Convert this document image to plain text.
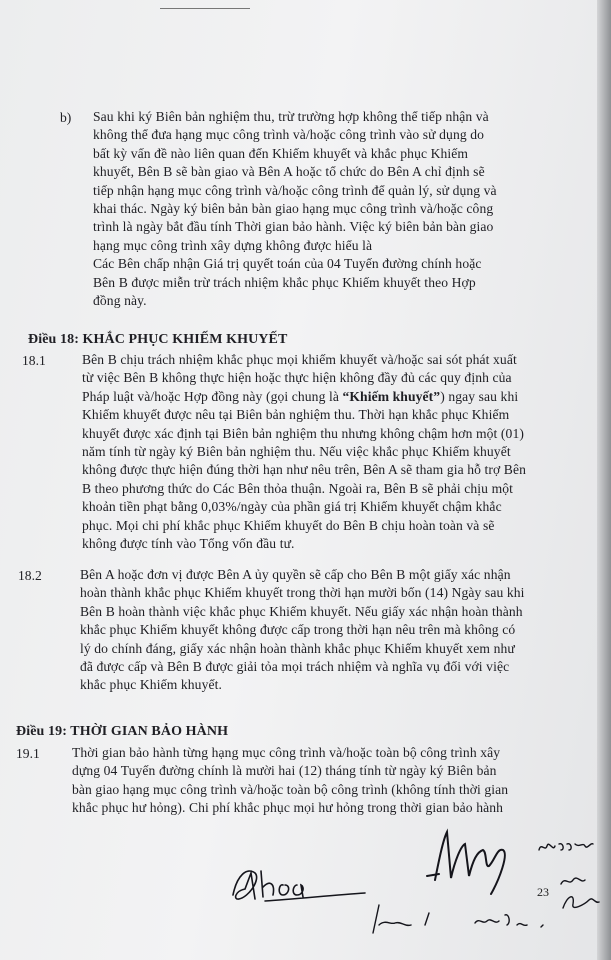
b) Sau khi ký Biên bản nghiệm thu, trừ trường hợp không thể tiếp nhận và
không thể đưa hạng mục công trình và/hoặc công trình vào sử dụng do
bất kỳ vấn đề nào liên quan đến Khiếm khuyết và khắc phục Khiếm
khuyết, Bên B sẽ bàn giao và Bên A hoặc tổ chức do Bên A chỉ định sẽ
tiếp nhận hạng mục công trình và/hoặc công trình để quản lý, sử dụng và
khai thác. Ngày ký biên bản bàn giao hạng mục công trình và/hoặc công
trình là ngày bắt đầu tính Thời gian bảo hành. Việc ký biên bản bàn giao
hạng mục công trình xây dựng không được hiểu là
Các Bên chấp nhận Giá trị quyết toán của 04 Tuyến đường chính hoặc
Bên B được miễn trừ trách nhiệm khắc phục Khiếm khuyết theo Hợp
đồng này.
Điều 18: KHẮC PHỤC KHIẾM KHUYẾT
18.1	Bên B chịu trách nhiệm khắc phục mọi khiếm khuyết và/hoặc sai sót phát xuất
từ việc Bên B không thực hiện hoặc thực hiện không đầy đủ các quy định của
Pháp luật và/hoặc Hợp đồng này (gọi chung là “Khiếm khuyết”) ngay sau khi
Khiếm khuyết được nêu tại Biên bản nghiệm thu. Thời hạn khắc phục Khiếm
khuyết được xác định tại Biên bản nghiệm thu nhưng không chậm hơn một (01)
năm tính từ ngày ký Biên bản nghiệm thu. Nếu việc khắc phục Khiếm khuyết
không được thực hiện đúng thời hạn như nêu trên, Bên A sẽ tham gia hỗ trợ Bên
B theo phương thức do Các Bên thỏa thuận. Ngoài ra, Bên B sẽ phải chịu một
khoản tiền phạt bằng 0,03%/ngày của phần giá trị Khiếm khuyết chậm khắc
phục. Mọi chi phí khắc phục Khiếm khuyết do Bên B chịu hoàn toàn và sẽ
không được tính vào Tổng vốn đầu tư.
18.2	Bên A hoặc đơn vị được Bên A ủy quyền sẽ cấp cho Bên B một giấy xác nhận
hoàn thành khắc phục Khiếm khuyết trong thời hạn mười bốn (14) Ngày sau khi
Bên B hoàn thành việc khắc phục Khiếm khuyết. Nếu giấy xác nhận hoàn thành
khắc phục Khiếm khuyết không được cấp trong thời hạn nêu trên mà không có
lý do chính đáng, giấy xác nhận hoàn thành khắc phục Khiếm khuyết xem như
đã được cấp và Bên B được giải tỏa mọi trách nhiệm và nghĩa vụ đối với việc
khắc phục Khiếm khuyết.
Điều 19: THỜI GIAN BẢO HÀNH
19.1 Thời gian bảo hành từng hạng mục công trình và/hoặc toàn bộ công trình xây
dựng 04 Tuyến đường chính là mười hai (12) tháng tính từ ngày ký Biên bản
bàn giao hạng mục công trình và/hoặc toàn bộ công trình (không tính thời gian
khắc phục hư hỏng). Chi phí khắc phục mọi hư hỏng trong thời gian bảo hành
23
